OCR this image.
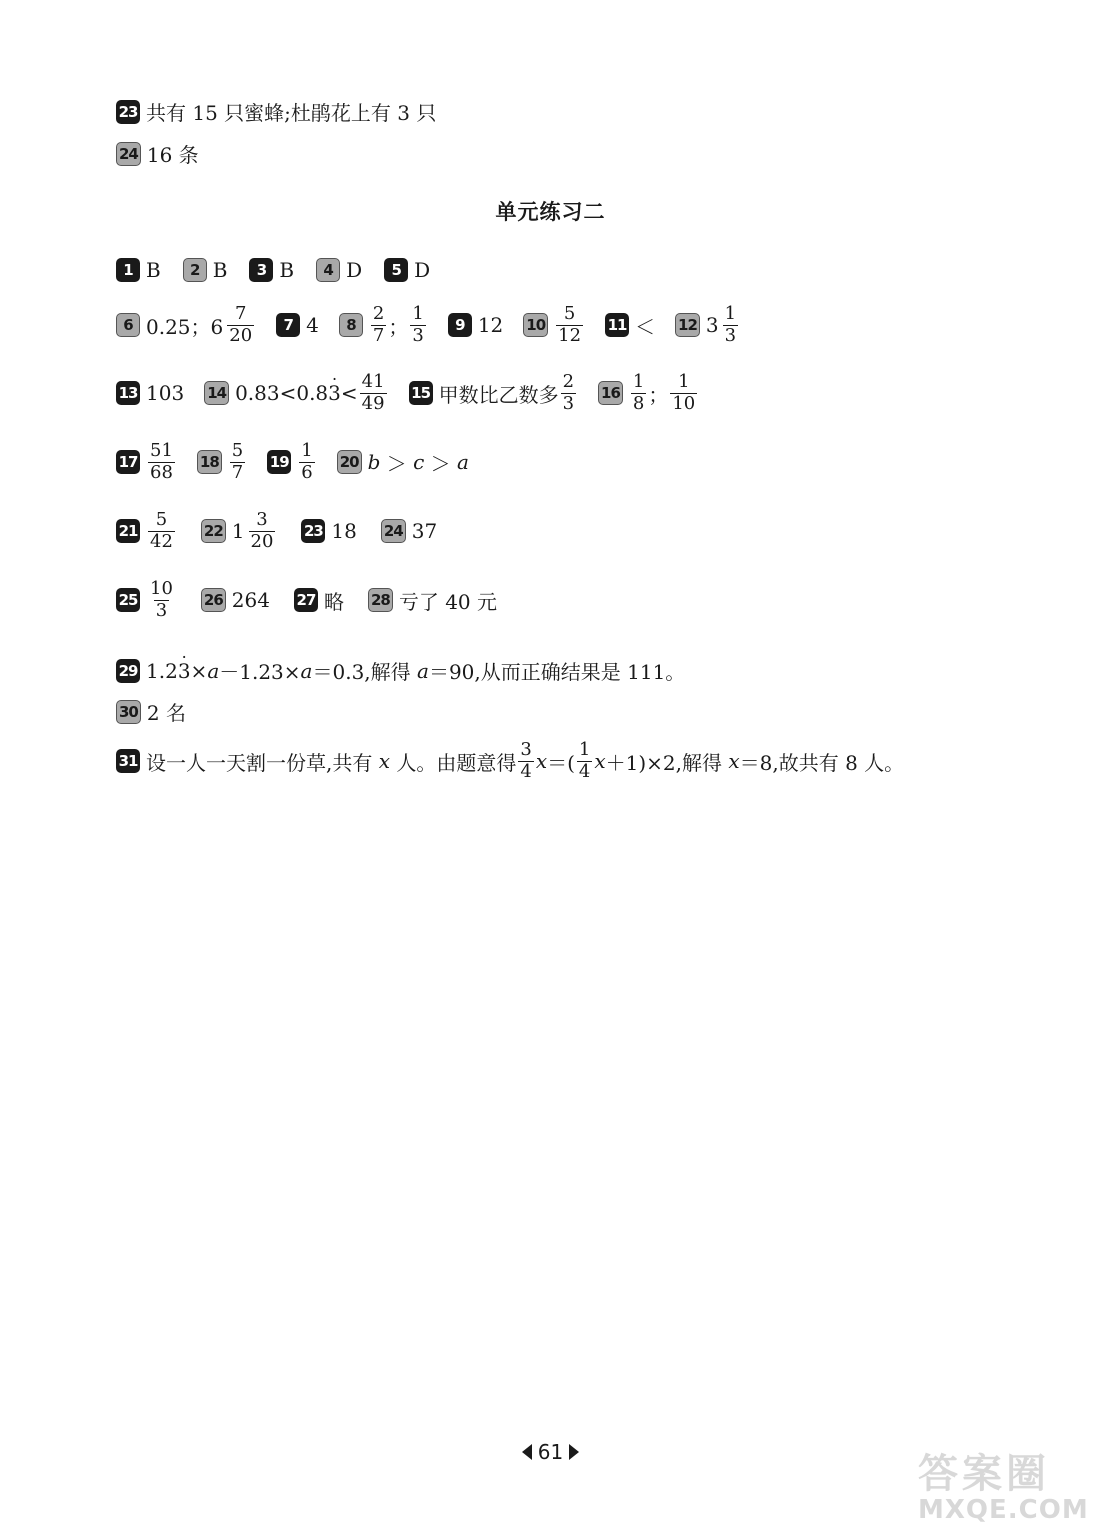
23 共有 15 只蜜蜂;杜鹃花上有 3 只
24 16 条
单元练习二
1 B	2 B	3 B	4 D	5 D
6 0.25；$6 \frac{7}{20}$	7 4	$8 \frac{2}{7}$ ； $\frac{1}{3}$	9 12 $10 \frac{5}{12} 11 < 12$ $3 \frac{1}{3}$
13 103 14 0.83<0.8 . $3 < \frac{41}{49} 15$ 甲数比乙数多 $\frac{2}{3} 16 \frac{1}{8}$ ； $\frac{1}{10}$
$17 \frac{51}{68} 18 \frac{5}{7} 19 \frac{1}{6} 20$ b ＞ c ＞ a
$21 \frac{5}{42} 22$ $1 \frac{3}{20} 23$ 18 24 37
$25 \frac{10}{3} 26$ 264 27 略 28 亏了 40 元
29 1.2 . 3 × a －1.23× a ＝0.3,解得 a ＝90,从而正确结果是 111。
30 2 名
31 设一人一天割一份草,共有 x 人。由题意得 $\frac{3}{4}$ x ＝( $\frac{1}{4}$ x ＋1)×2,解得 x ＝8,故共有 8 人。
61	答案圈
MXQE.COM
